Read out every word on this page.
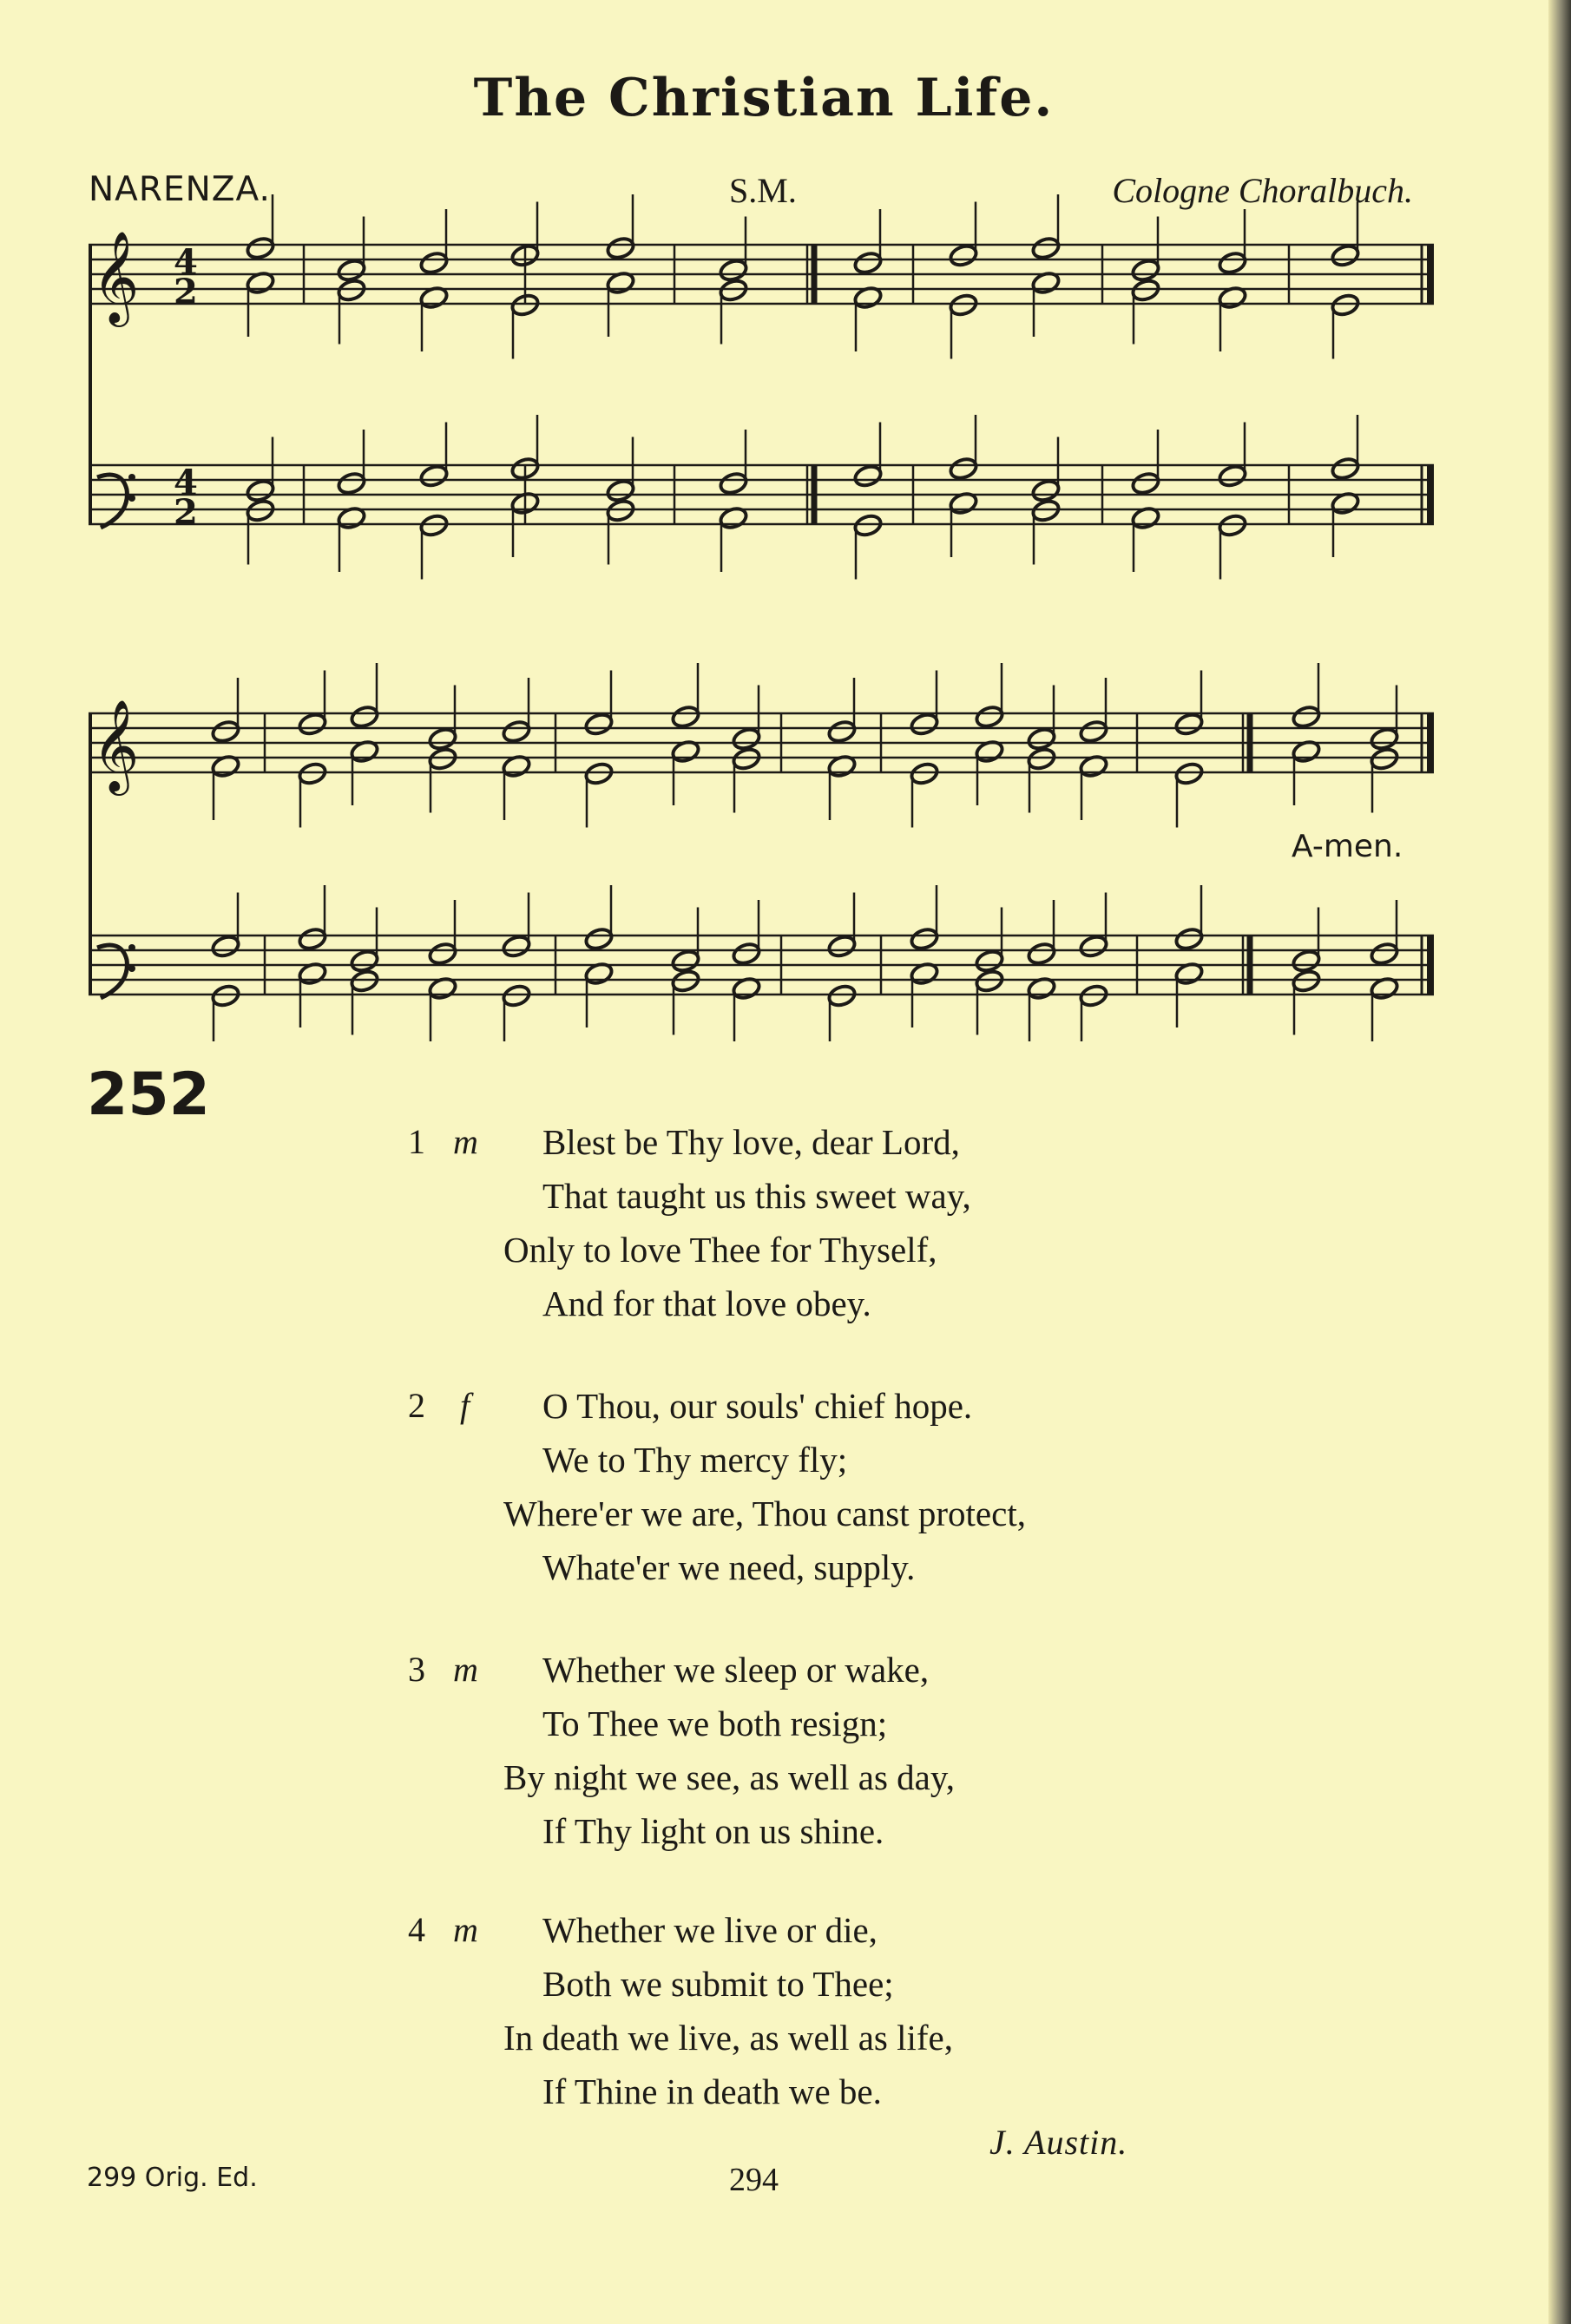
The Christian Life.
NARENZA.	S.M.	Cologne Choralbuch.
𝄞
𝄞
4
2
4
2
A-men.
252
1 m Blest be Thy love, dear Lord,
That taught us this sweet way,
Only to love Thee for Thyself,
And for that love obey.
2 f O Thou, our souls' chief hope.
We to Thy mercy fly;
Where'er we are, Thou canst protect,
Whate'er we need, supply.
3 m Whether we sleep or wake,
To Thee we both resign;
By night we see, as well as day,
If Thy light on us shine.
4 m Whether we live or die,
Both we submit to Thee;
In death we live, as well as life,
If Thine in death we be.
J. Austin.
299 Orig. Ed.	294
